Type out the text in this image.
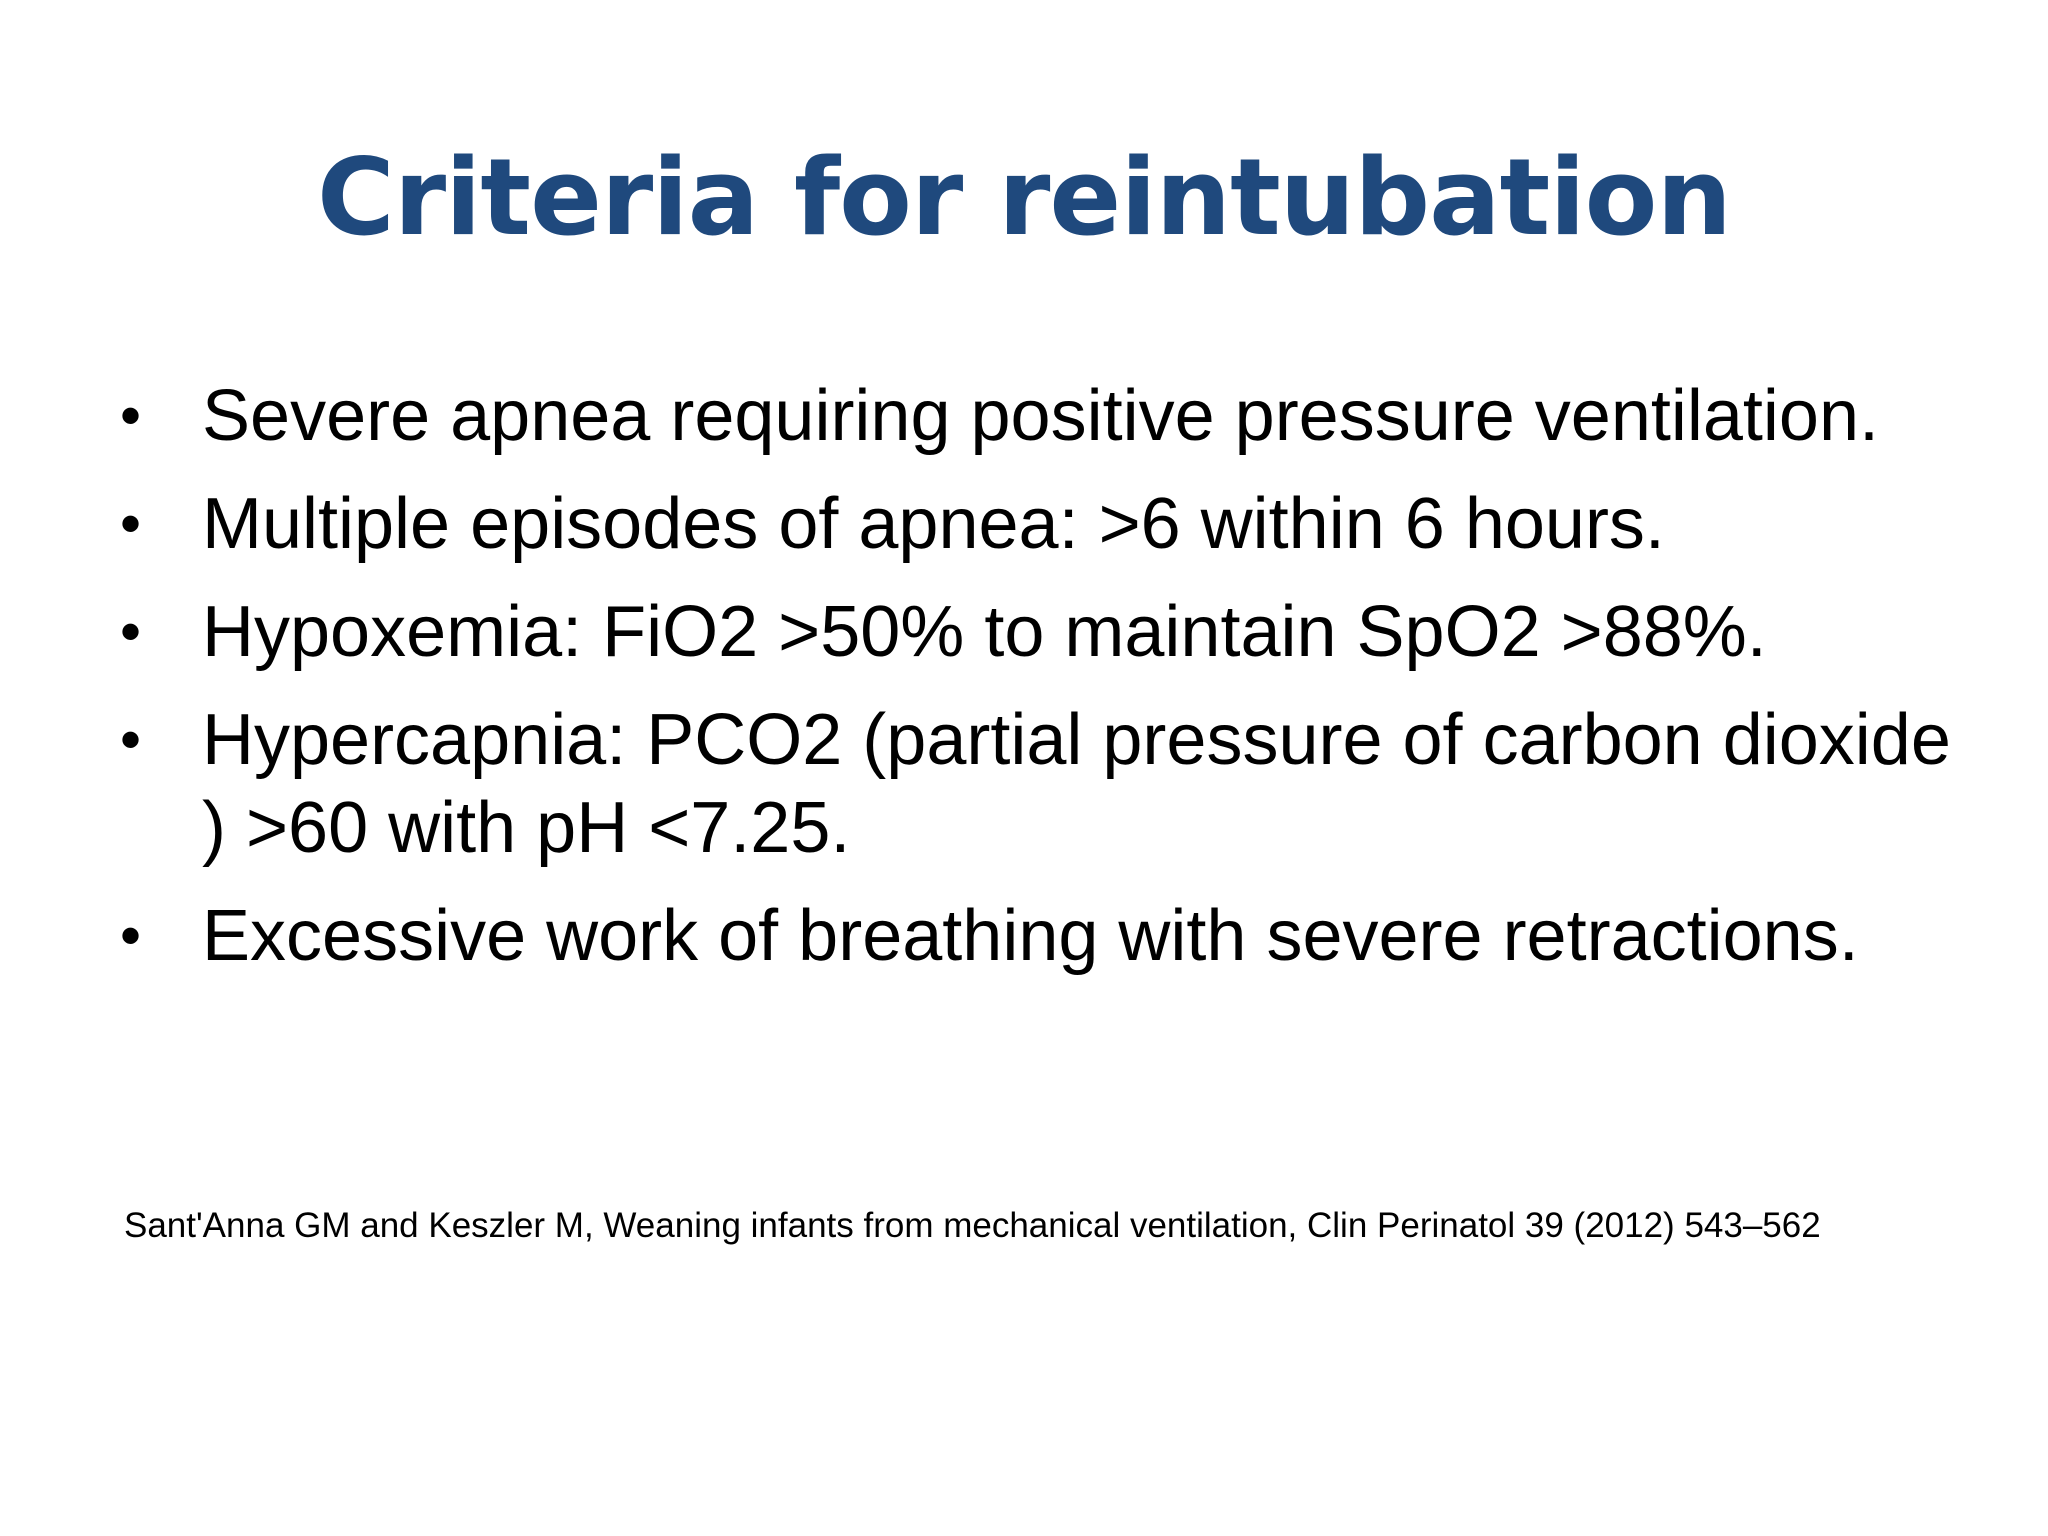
Criteria for reintubation
• Severe apnea requiring positive pressure ventilation.
• Multiple episodes of apnea: >6 within 6 hours.
• Hypoxemia: FiO2 >50% to maintain SpO2 >88%.
• Hypercapnia: PCO2 (partial pressure of carbon dioxide ) >60 with pH <7.25.
• Excessive work of breathing with severe retractions.
Sant'Anna GM and Keszler M, Weaning infants from mechanical ventilation, Clin Perinatol 39 (2012) 543–562
